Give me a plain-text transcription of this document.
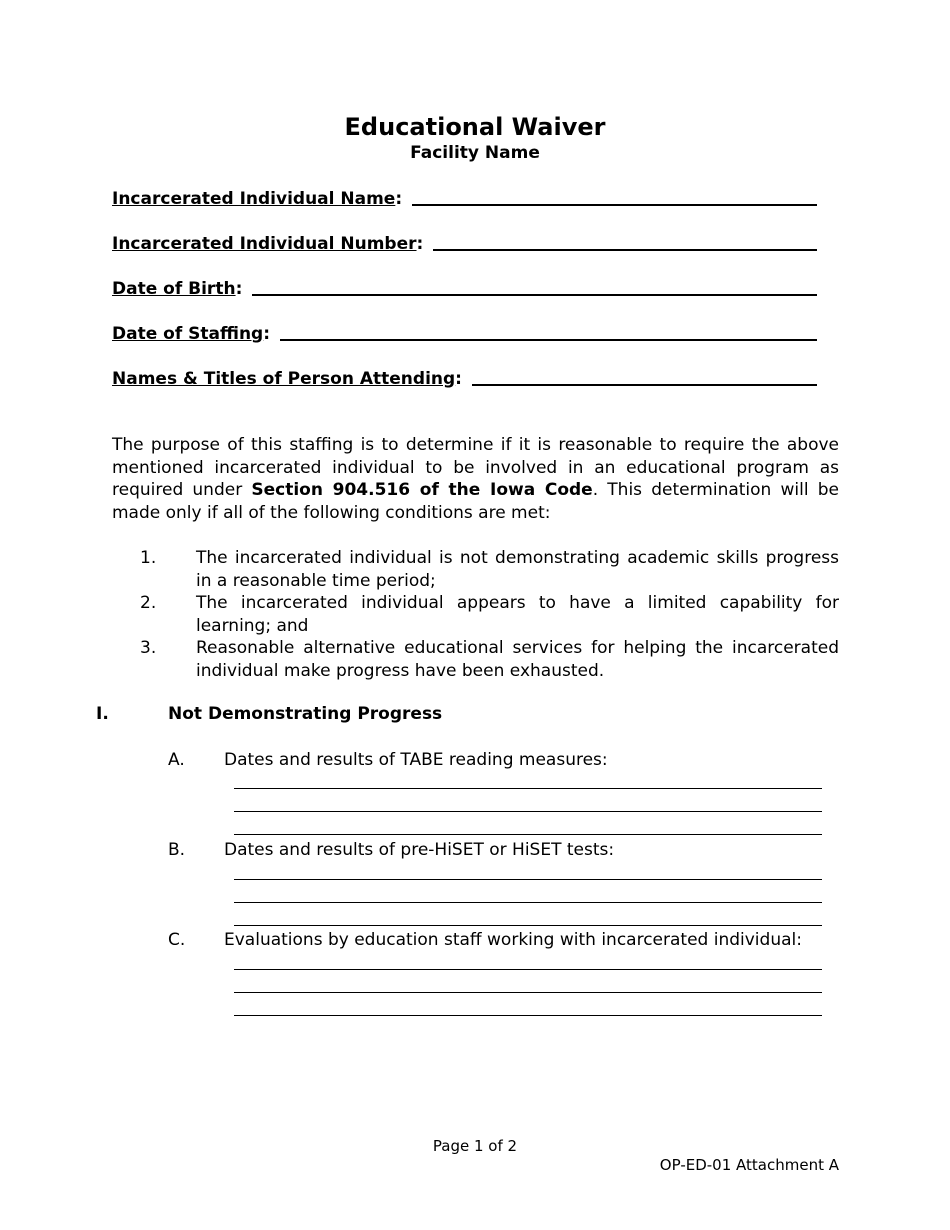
Educational Waiver
Facility Name
Incarcerated Individual Name :
Incarcerated Individual Number :
Date of Birth :
Date of Staffing :
Names & Titles of Person Attending :

The purpose of this staffing is to determine if it is reasonable to require the above mentioned incarcerated individual to be involved in an educational program as required under Section 904.516 of the Iowa Code. This determination will be made only if all of the following conditions are met:

1. The incarcerated individual is not demonstrating academic skills progress in a reasonable time period;

2. The incarcerated individual appears to have a limited capability for learning; and

3. Reasonable alternative educational services for helping the incarcerated individual make progress have been exhausted.

I.	Not Demonstrating Progress
A. Dates and results of TABE reading measures:
B. Dates and results of pre-HiSET or HiSET tests:
C. Evaluations by education staff working with incarcerated individual:
Page 1 of 2
OP-ED-01 Attachment A
